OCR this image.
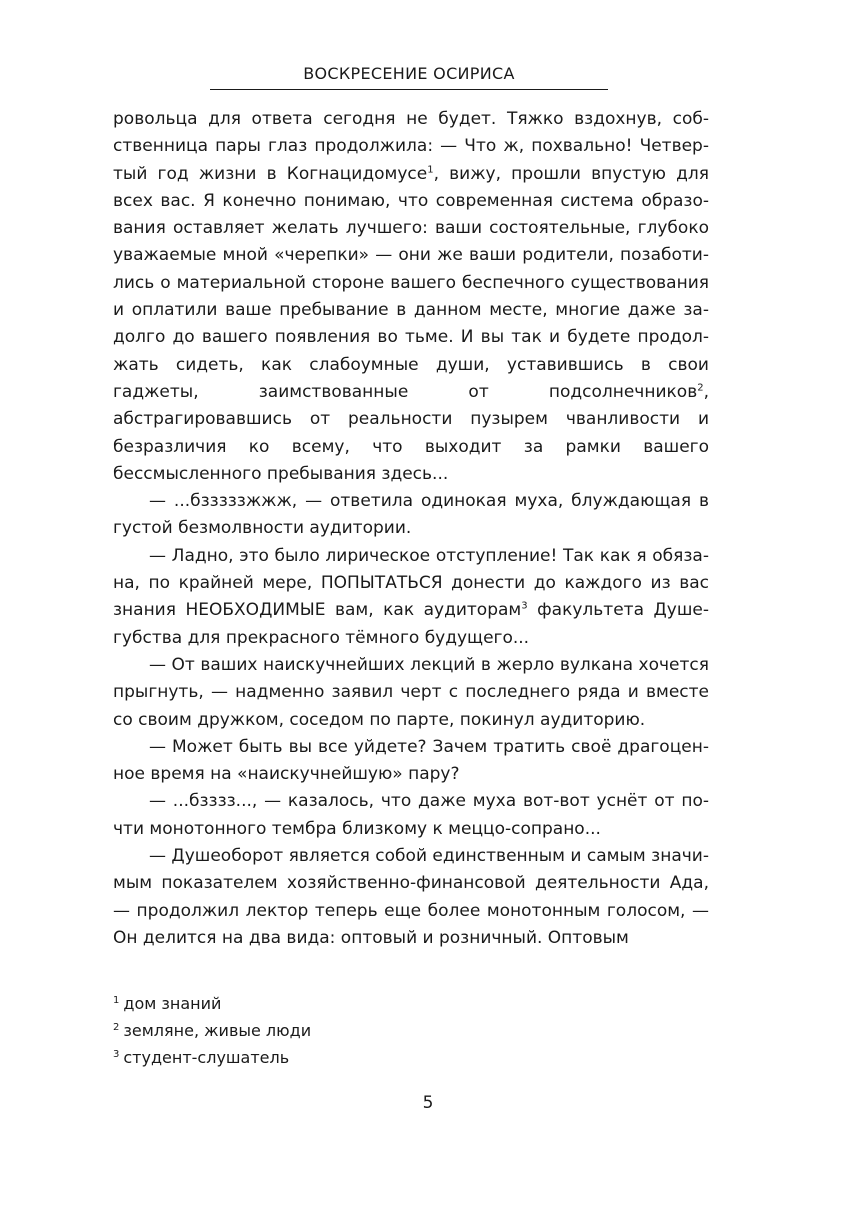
ВОСКРЕСЕНИЕ ОСИРИСА

ровольца для ответа сегодня не будет. Тяжко вздохнув, собственница пары глаз продолжила: — Что ж, похвально! Четвертый год жизни в Когнацидомусе$^1$, вижу, прошли впустую для всех вас. Я конечно понимаю, что современная система образования оставляет желать лучшего: ваши состоятельные, глубоко уважаемые мной «черепки» — они же ваши родители, позаботились о материальной стороне вашего беспечного существования и оплатили ваше пребывание в данном месте, многие даже задолго до вашего появления во тьме. И вы так и будете продолжать сидеть, как слабоумные души, уставившись в свои гаджеты, заимствованные от подсолнечников$^2$, абстрагировавшись от реальности пузырем чванливости и безразличия ко всему, что выходит за рамки вашего бессмысленного пребывания здесь...

— ...бзззззжжж, — ответила одинокая муха, блуждающая в густой безмолвности аудитории.

— Ладно, это было лирическое отступление! Так как я обязана, по крайней мере, ПОПЫТАТЬСЯ донести до каждого из вас знания НЕОБХОДИМЫЕ вам, как аудиторам$^3$ факультета Душегубства для прекрасного тёмного будущего...

— От ваших наискучнейших лекций в жерло вулкана хочется прыгнуть, — надменно заявил черт с последнего ряда и вместе со своим дружком, соседом по парте, покинул аудиторию.

— Может быть вы все уйдете? Зачем тратить своё драгоценное время на «наискучнейшую» пару?

— ...бзззз..., — казалось, что даже муха вот-вот уснёт от почти монотонного тембра близкому к меццо-сопрано...

— Душеоборот является собой единственным и самым значимым показателем хозяйственно-финансовой деятельности Ада, — продолжил лектор теперь еще более монотонным голосом, — Он делится на два вида: оптовый и розничный. Оптовым

$^1$ дом знаний

$^2$ земляне, живые люди

$^3$ студент-слушатель

5
